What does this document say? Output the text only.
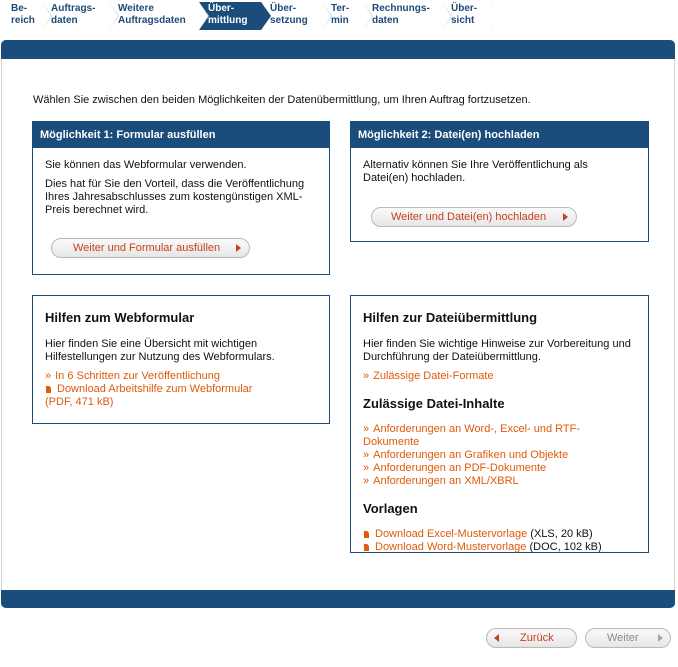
Be-
reich
Auftrags-
daten
Weitere
Auftragsdaten
Über-
mittlung
Über-
setzung
Ter-
min
Rechnungs-
daten
Über-
sicht
Wählen Sie zwischen den beiden Möglichkeiten der Datenübermittlung, um Ihren Auftrag fortzusetzen.
Möglichkeit 1: Formular ausfüllen

Sie können das Webformular verwenden.

Dies hat für Sie den Vorteil, dass die Veröffentlichung Ihres Jahresabschlusses zum kostengünstigen XML-Preis berechnet wird.

Weiter und Formular ausfüllen
Möglichkeit 2: Datei(en) hochladen

Alternativ können Sie Ihre Veröffentlichung als Datei(en) hochladen.

Weiter und Datei(en) hochladen
Hilfen zum Webformular
Hier finden Sie eine Übersicht mit wichtigen Hilfestellungen zur Nutzung des Webformulars.
» In 6 Schritten zur Veröffentlichung
Download Arbeitshilfe zum Webformular
(PDF, 471 kB)
Hilfen zur Dateiübermittlung
Hier finden Sie wichtige Hinweise zur Vorbereitung und Durchführung der Dateiübermittlung.
» Zulässige Datei-Formate
Zulässige Datei-Inhalte
» Anforderungen an Word-, Excel- und RTF-Dokumente
» Anforderungen an Grafiken und Objekte
» Anforderungen an PDF-Dokumente
» Anforderungen an XML/XBRL
Vorlagen
Download Excel-Mustervorlage (XLS, 20 kB)
Download Word-Mustervorlage (DOC, 102 kB)
Zurück	Weiter
